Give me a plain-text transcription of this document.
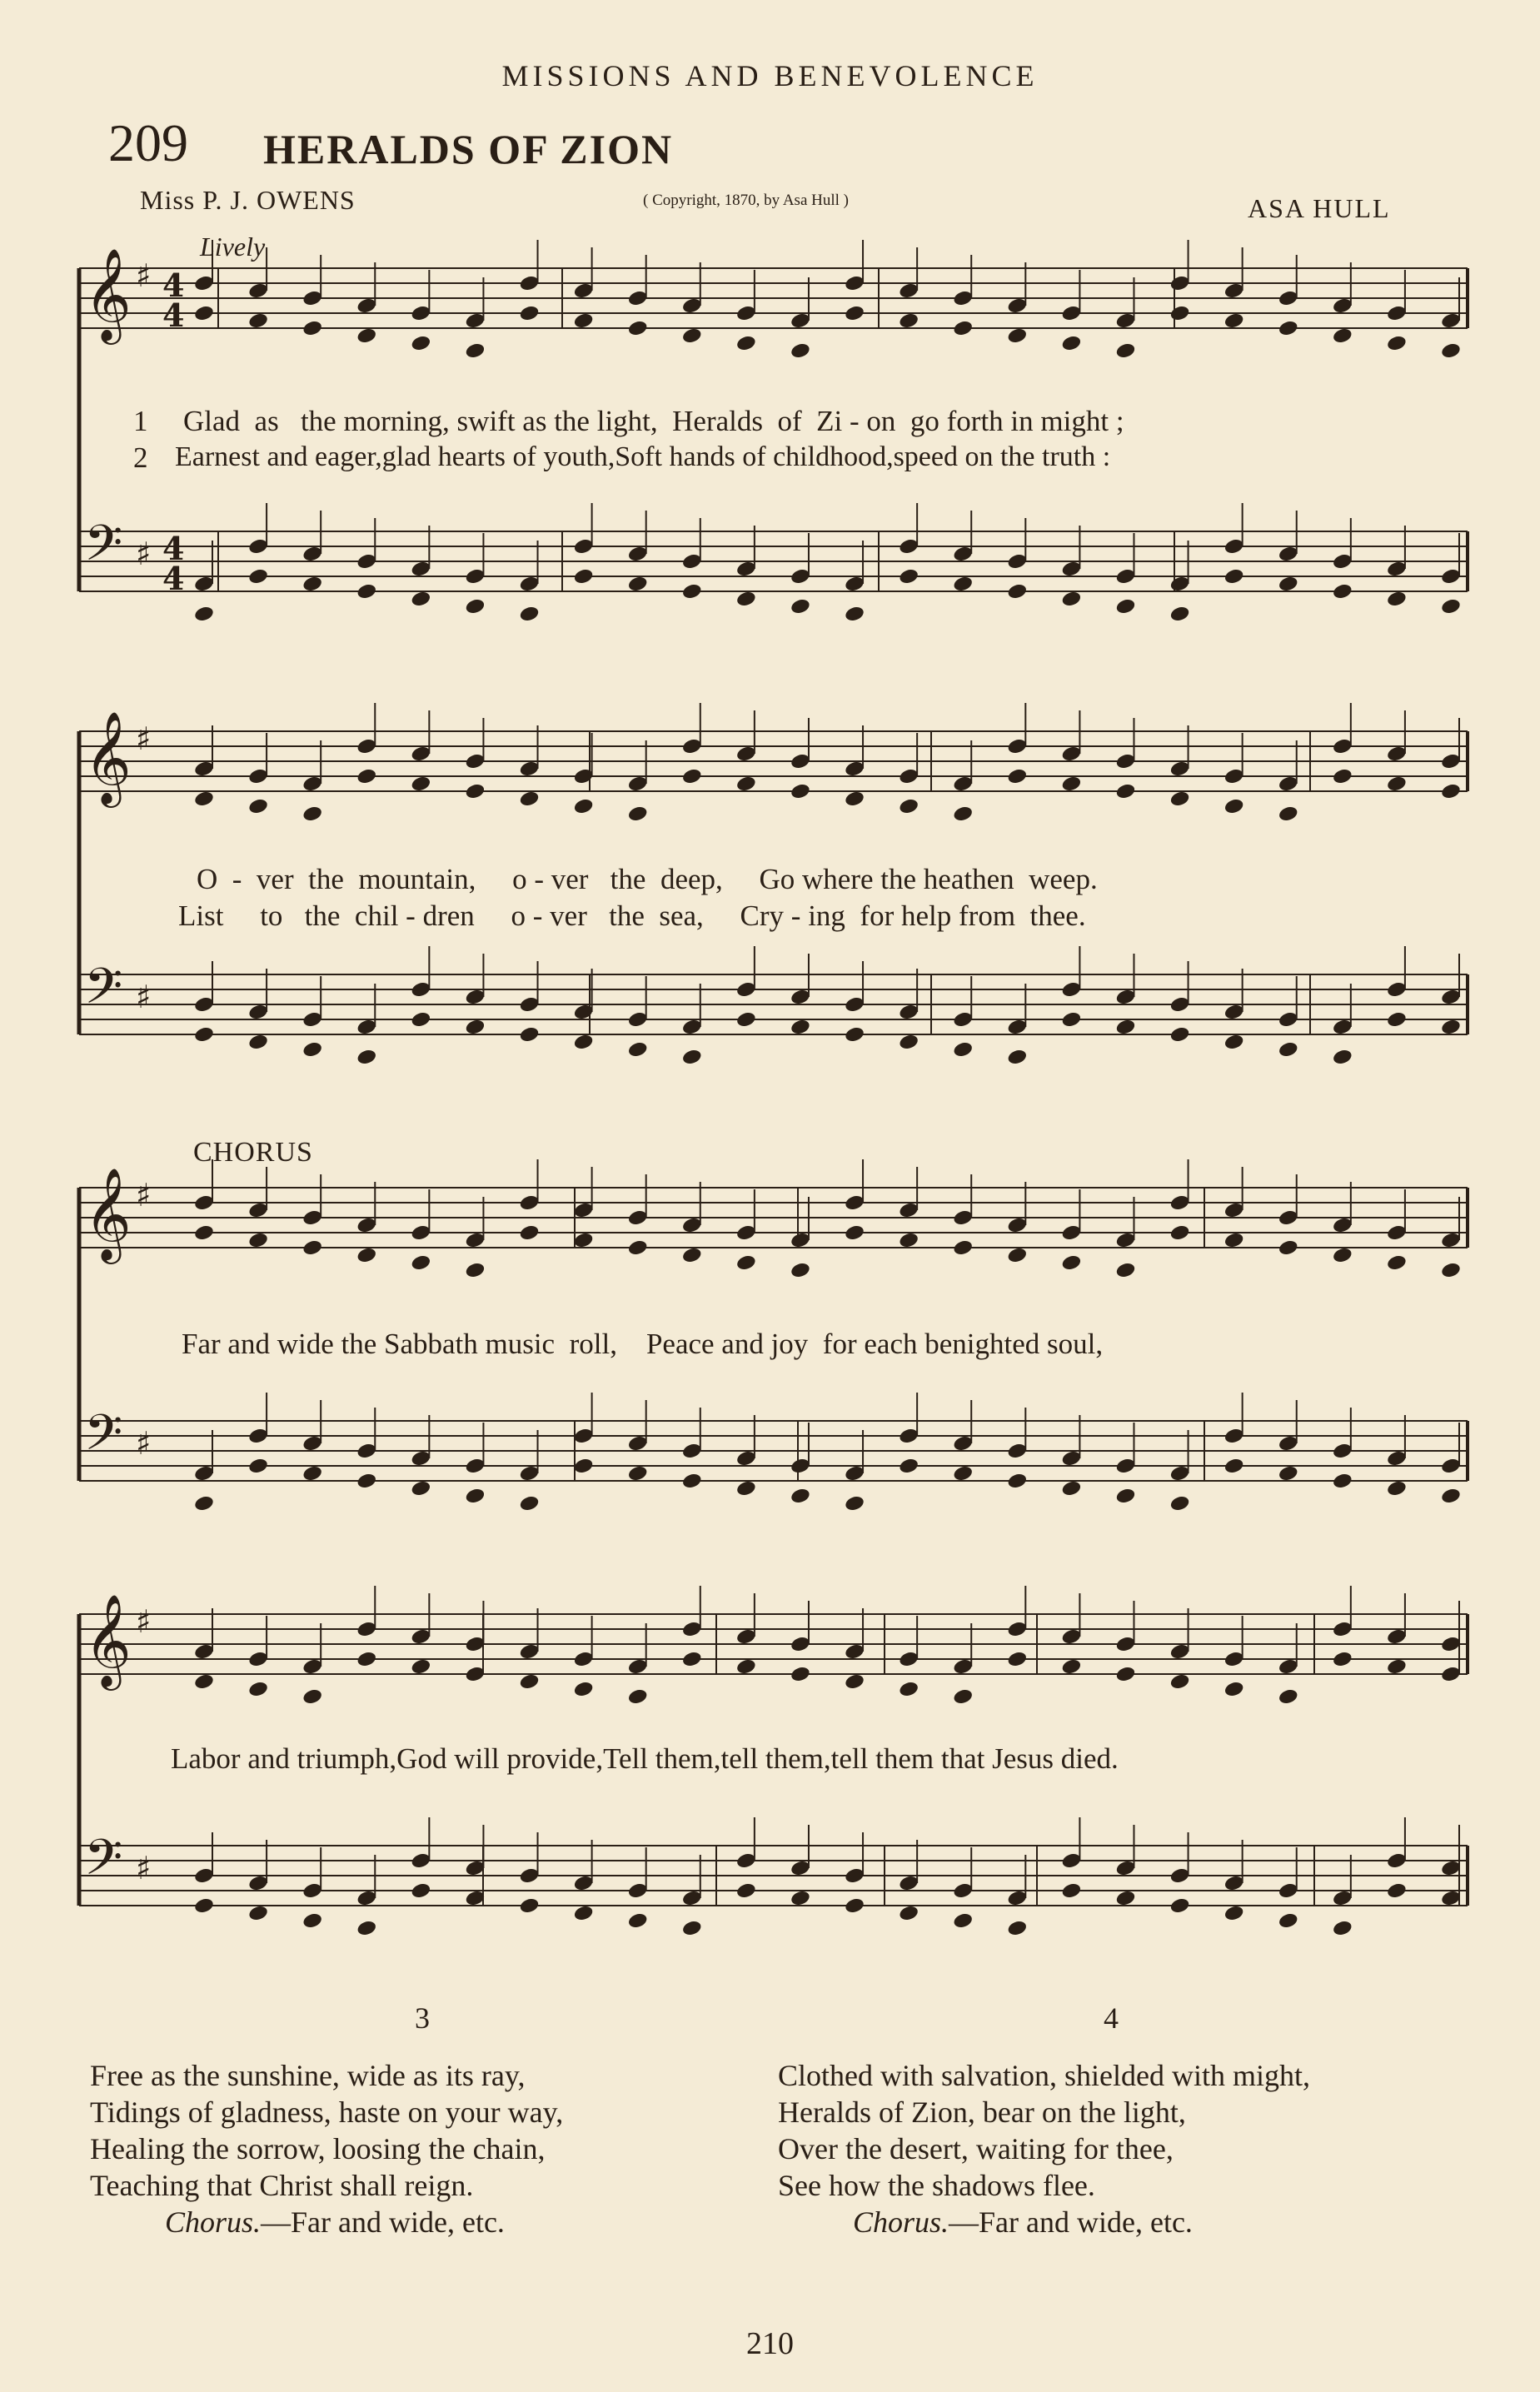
MISSIONS AND BENEVOLENCE
209 HERALDS OF ZION
Miss P. J. OWENS	( Copyright, 1870, by Asa Hull )	ASA HULL
Lively
𝄞 ♯ 4
4
𝄢 ♯ 4
4
𝄞 ♯
𝄢 ♯
𝄞 ♯
𝄢 ♯
𝄞 ♯
𝄢 ♯
1 Glad  as   the morning, swift as the light,  Heralds  of  Zi - on  go forth in might ;
2 Earnest and eager,glad hearts of youth,Soft hands of childhood,speed on the truth :
O  -  ver  the  mountain,     o - ver   the  deep,     Go where the heathen  weep.
List     to   the  chil - dren     o - ver   the  sea,     Cry - ing  for help from  thee.
CHORUS
Far and wide the Sabbath music  roll,    Peace and joy  for each benighted soul,
Labor and triumph,God will provide,Tell them,tell them,tell them that Jesus died.
3	4
Free as the sunshine, wide as its ray,
Tidings of gladness, haste on your way,
Healing the sorrow, loosing the chain,
Teaching that Christ shall reign.
Chorus.—Far and wide, etc.
Clothed with salvation, shielded with might,
Heralds of Zion, bear on the light,
Over the desert, waiting for thee,
See how the shadows flee.
Chorus.—Far and wide, etc.
210
